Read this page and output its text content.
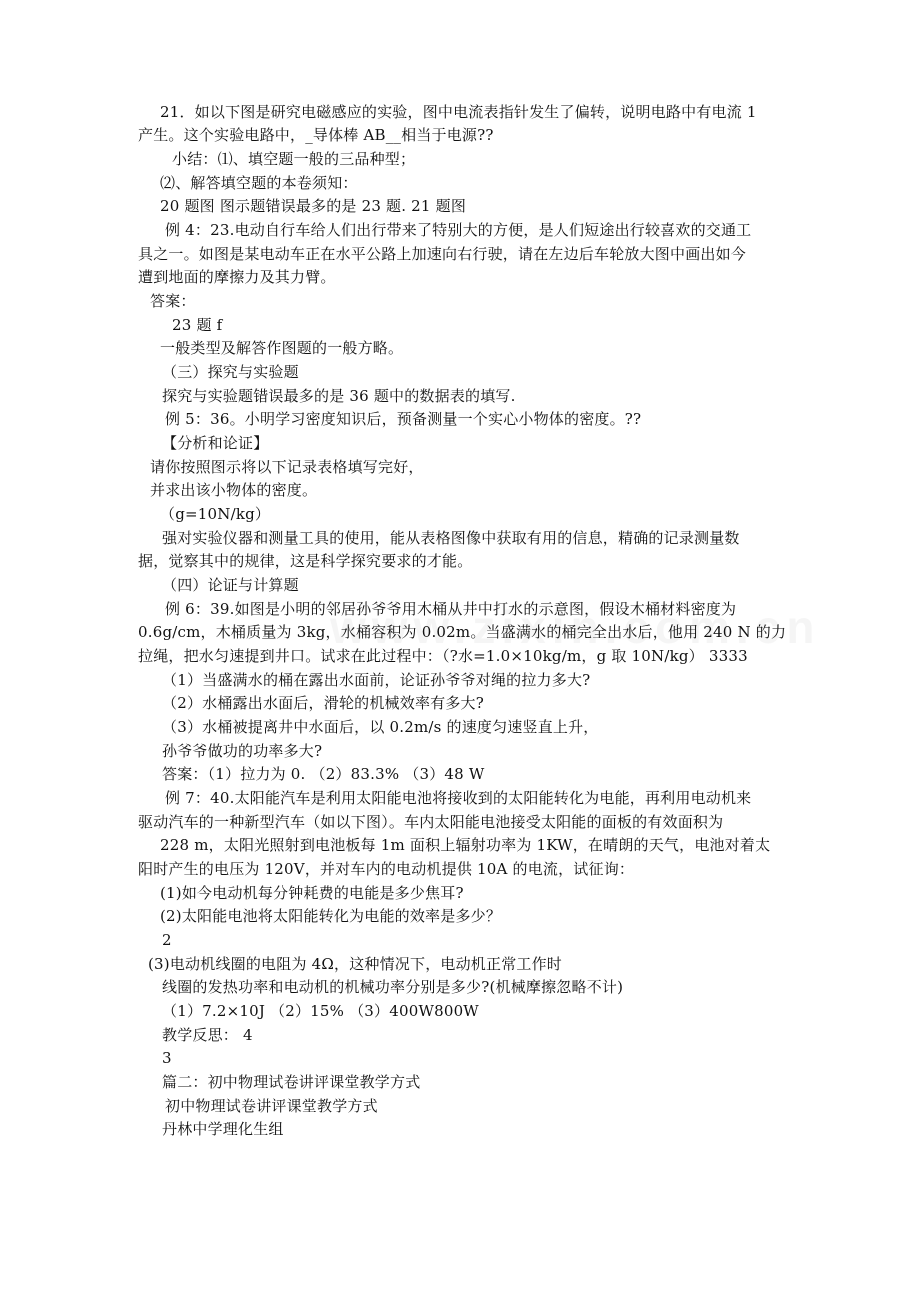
21．如以下图是研究电磁感应的实验，图中电流表指针发生了偏转，说明电路中有电流 1
产生。这个实验电路中，_导体棒 AB__相当于电源??
小结：⑴、填空题一般的三品种型；
⑵、解答填空题的本卷须知：
20 题图 图示题错误最多的是 23 题. 21 题图
例 4：23.电动自行车给人们出行带来了特别大的方便，是人们短途出行较喜欢的交通工
具之一。如图是某电动车正在水平公路上加速向右行驶，请在左边后车轮放大图中画出如今
遭到地面的摩擦力及其力臂。
答案：
23 题 f
一般类型及解答作图题的一般方略。
（三）探究与实验题
探究与实验题错误最多的是 36 题中的数据表的填写.
例 5：36。小明学习密度知识后，预备测量一个实心小物体的密度。??
【分析和论证】
请你按照图示将以下记录表格填写完好，
并求出该小物体的密度。
（g=10N/kg）
强对实验仪器和测量工具的使用，能从表格图像中获取有用的信息，精确的记录测量数
据，觉察其中的规律，这是科学探究要求的才能。
（四）论证与计算题
例 6：39.如图是小明的邻居孙爷爷用木桶从井中打水的示意图，假设木桶材料密度为
0.6g/cm，木桶质量为 3kg，水桶容积为 0.02m。当盛满水的桶完全出水后，他用 240 N 的力
拉绳，把水匀速提到井口。试求在此过程中：（?水=1.0×10kg/m，g 取 10N/kg） 3333
（1）当盛满水的桶在露出水面前，论证孙爷爷对绳的拉力多大?
（2）水桶露出水面后，滑轮的机械效率有多大?
（3）水桶被提离井中水面后，以 0.2m/s 的速度匀速竖直上升，
孙爷爷做功的功率多大?
答案：（1）拉力为 0. （2）83.3% （3）48 W
例 7：40.太阳能汽车是利用太阳能电池将接收到的太阳能转化为电能，再利用电动机来
驱动汽车的一种新型汽车（如以下图）。车内太阳能电池接受太阳能的面板的有效面积为
228 m，太阳光照射到电池板每 1m 面积上辐射功率为 1KW，在晴朗的天气，电池对着太
阳时产生的电压为 120V，并对车内的电动机提供 10A 的电流，试征询：
(1)如今电动机每分钟耗费的电能是多少焦耳?
(2)太阳能电池将太阳能转化为电能的效率是多少？
2
(3)电动机线圈的电阻为 4Ω，这种情况下，电动机正常工作时
线圈的发热功率和电动机的机械功率分别是多少?(机械摩擦忽略不计)
（1）7.2×10J （2）15% （3）400W800W
教学反思： 4
3
篇二：初中物理试卷讲评课堂教学方式
初中物理试卷讲评课堂教学方式
丹林中学理化生组
